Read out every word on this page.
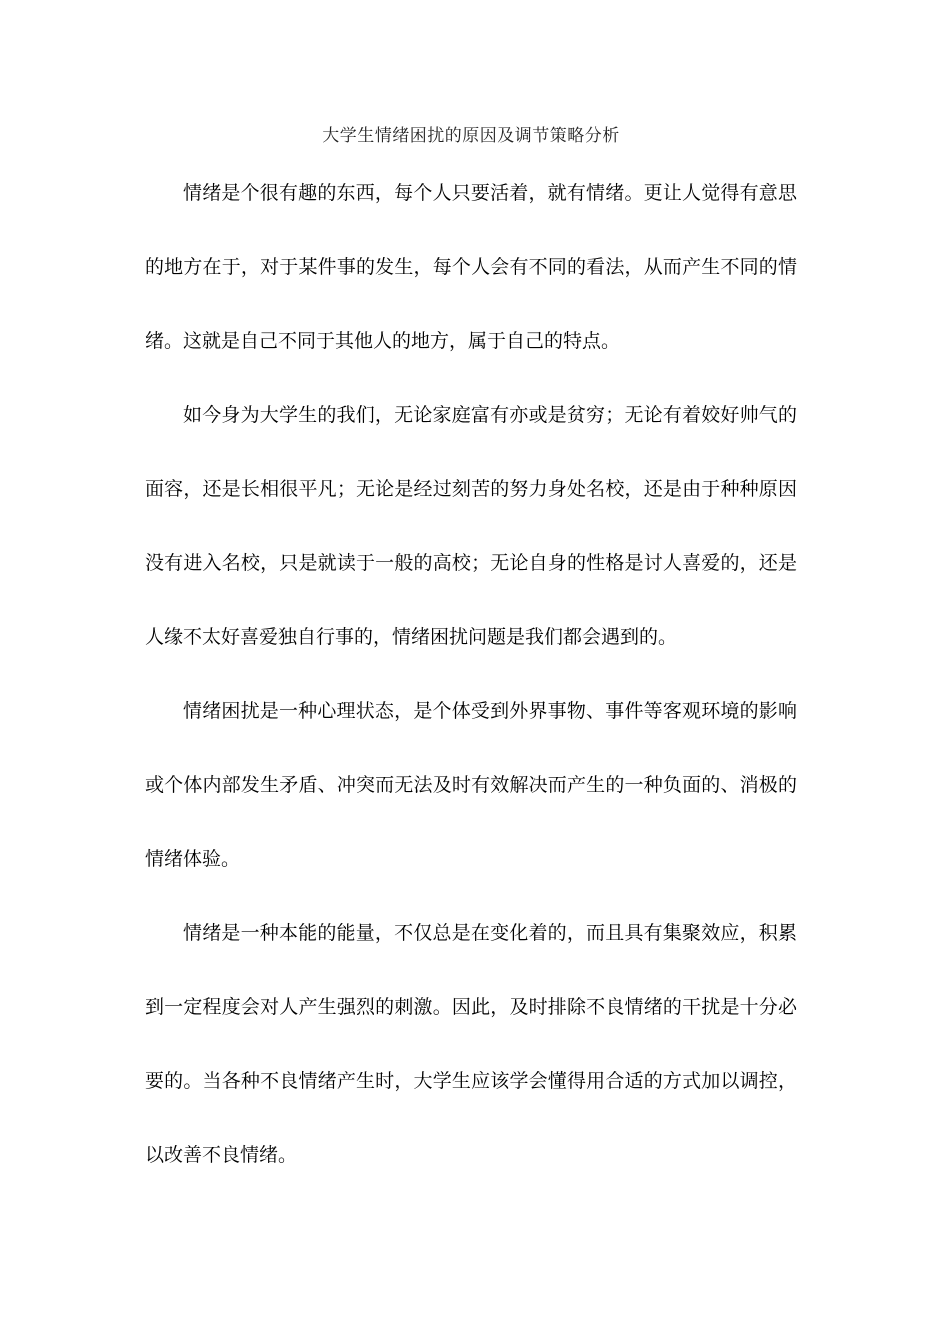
大学生情绪困扰的原因及调节策略分析

情绪是个很有趣的东西，每个人只要活着，就有情绪。更让人觉得有意思的地方在于，对于某件事的发生，每个人会有不同的看法，从而产生不同的情绪。这就是自己不同于其他人的地方，属于自己的特点。

如今身为大学生的我们，无论家庭富有亦或是贫穷；无论有着姣好帅气的面容，还是长相很平凡；无论是经过刻苦的努力身处名校，还是由于种种原因没有进入名校，只是就读于一般的高校；无论自身的性格是讨人喜爱的，还是人缘不太好喜爱独自行事的，情绪困扰问题是我们都会遇到的。

情绪困扰是一种心理状态，是个体受到外界事物、事件等客观环境的影响或个体内部发生矛盾、冲突而无法及时有效解决而产生的一种负面的、消极的情绪体验。

情绪是一种本能的能量，不仅总是在变化着的，而且具有集聚效应，积累到一定程度会对人产生强烈的刺激。因此，及时排除不良情绪的干扰是十分必要的。当各种不良情绪产生时，大学生应该学会懂得用合适的方式加以调控，以改善不良情绪。
